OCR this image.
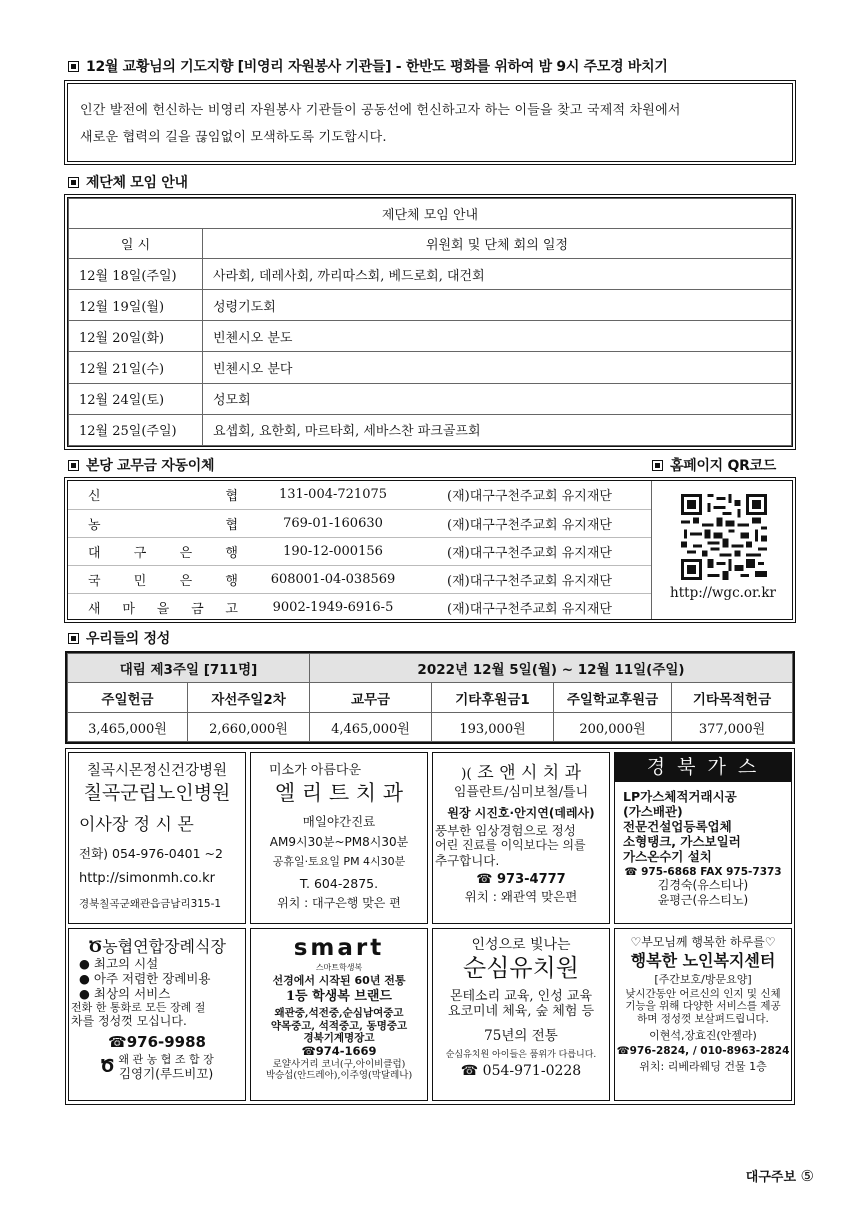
12월 교황님의 기도지향 [비영리 자원봉사 기관들] - 한반도 평화를 위하여 밤 9시 주모경 바치기
인간 발전에 헌신하는 비영리 자원봉사 기관들이 공동선에 헌신하고자 하는 이들을 찾고 국제적 차원에서
새로운 협력의 길을 끊임없이 모색하도록 기도합시다.
제단체 모임 안내
제단체 모임 안내	
일 시	위원회 및 단체 회의 일정
12월 18일(주일)	사라회, 데레사회, 까리따스회, 베드로회, 대건회
12월 19일(월)	성령기도회
12월 20일(화)	빈첸시오 분도
12월 21일(수)	빈첸시오 분다
12월 24일(토)	성모회
12월 25일(주일)	요셉회, 요한회, 마르타회, 세바스찬 파크골프회
본당 교무금 자동이체	홈페이지 QR코드
신 협	131-004-721075	(재)대구구천주교회 유지재단
농 협	769-01-160630	(재)대구구천주교회 유지재단
대 구 은 행	190-12-000156	(재)대구구천주교회 유지재단
국 민 은 행	608001-04-038569	(재)대구구천주교회 유지재단
새 마 을 금 고	9002-1949-6916-5	(재)대구구천주교회 유지재단
http://wgc.or.kr
우리들의 정성
대림 제3주일 [711명]		2022년 12월 5일(월) ~ 12월 11일(주일)			
주일헌금	자선주일2차	교무금	기타후원금1	주일학교후원금	기타목적헌금
3,465,000원	2,660,000원	4,465,000원	193,000원	200,000원	377,000원
칠곡시몬정신건강병원
칠곡군립노인병원
이사장 정 시 몬
전화) 054-976-0401 ~2
http://simonmh.co.kr
경북칠곡군왜관읍금남리315-1
미소가 아름다운
엘 리 트 치 과
매일야간진료
AM9시30분~PM8시30분
공휴일·토요일 PM 4시30분
T. 604-2875.
위치 : 대구은행 맞은 편
)( 조 앤 시 치 과
임플란트/심미보철/틀니
원장 시진호·안지연(데레사)
풍부한 임상경험으로 정성
어린 진료를 이익보다는 의를
추구합니다.
☎ 973-4777
위치 : 왜관역 맞은편
경 북 가 스
LP가스체적거래시공
(가스배관)
전문건설업등록업체
소형탱크, 가스보일러
가스온수기 설치
☎ 975-6868 FAX 975-7373
김경숙(유스티나)
윤평근(유스티노)
Ծ농협연합장례식장
● 최고의 시설
● 아주 저렴한 장례비용
● 최상의 서비스
전화 한 통화로 모든 장례 절
차를 정성껏 모십니다.
☎976-9988
Ծ 왜 관 농 협 조 합 장
김영기(루드비꼬)
smart
스마트학생복
선경에서 시작된 60년 전통
1등 학생복 브랜드
왜관중,석전중,순심남여중고
약목중고, 석적중고, 동명중고
경북기계명장고
☎974-1669
로얄사거리 코너(구,아이비클럽)
박승섭(안드레아),이주영(막달레나)
인성으로 빛나는
순심유치원
몬테소리 교육, 인성 교육
요코미네 체육, 숲 체험 등
75년의 전통
순심유치원 아이들은 품위가 다릅니다.
☎ 054-971-0228
♡부모님께 행복한 하루를♡
행복한 노인복지센터
[주간보호/방문요양]
낮시간동안 어르신의 인지 및 신체
기능을 위해 다양한 서비스를 제공
하며 정성껏 보살펴드립니다.
이현석,장효진(안젤라)
☎976-2824, / 010-8963-2824
위치: 리베라웨딩 건물 1층
대구주보 ⑤
